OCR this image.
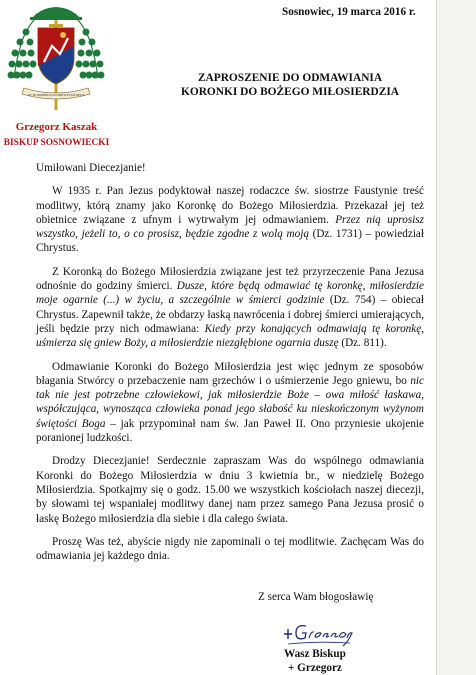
Sosnowiec, 19 marca 2016 r.
UT IN OMNIBUS GLORIFICETUR DEUS
Grzegorz Kaszak
BISKUP SOSNOWIECKI
ZAPROSZENIE DO ODMAWIANIA
KORONKI DO BOŻEGO MIŁOSIERDZIA

Umiłowani Diecezjanie!

W 1935 r. Pan Jezus podyktował naszej rodaczce św. siostrze Faustynie treść modlitwy, którą znamy jako Koronkę do Bożego Miłosierdzia. Przekazał jej też obietnice związane z ufnym i wytrwałym jej odmawianiem. Przez nią uprosisz wszystko, jeżeli to, o co prosisz, będzie zgodne z wolą moją (Dz. 1731) – powiedział Chrystus.

Z Koronką do Bożego Miłosierdzia związane jest też przyrzeczenie Pana Jezusa odnośnie do godziny śmierci. Dusze, które będą odmawiać tę koronkę, miłosierdzie moje ogarnie (...) w życiu, a szczególnie w śmierci godzinie (Dz. 754) – obiecał Chrystus. Zapewnił także, że obdarzy łaską nawrócenia i dobrej śmierci umierających, jeśli będzie przy nich odmawiana: Kiedy przy konających odmawiają tę koronkę, uśmierza się gniew Boży, a miłosierdzie niezgłębione ogarnia duszę (Dz. 811).

Odmawianie Koronki do Bożego Miłosierdzia jest więc jednym ze sposobów błagania Stwórcy o przebaczenie nam grzechów i o uśmierzenie Jego gniewu, bo nic tak nie jest potrzebne człowiekowi, jak miłosierdzie Boże – owa miłość łaskawa, współczująca, wynosząca człowieka ponad jego słabość ku nieskończonym wyżynom świętości Boga – jak przypominał nam św. Jan Paweł II. Ono przyniesie ukojenie poranionej ludzkości.

Drodzy Diecezjanie! Serdecznie zapraszam Was do wspólnego odmawiania Koronki do Bożego Miłosierdzia w dniu 3 kwietnia br., w niedzielę Bożego Miłosierdzia. Spotkajmy się o godz. 15.00 we wszystkich kościołach naszej diecezji, by słowami tej wspaniałej modlitwy danej nam przez samego Pana Jezusa prosić o łaskę Bożego miłosierdzia dla siebie i dla całego świata.

Proszę Was też, abyście nigdy nie zapominali o tej modlitwie. Zachęcam Was do odmawiania jej każdego dnia.

Z serca Wam błogosławię
Wasz Biskup
+ Grzegorz
